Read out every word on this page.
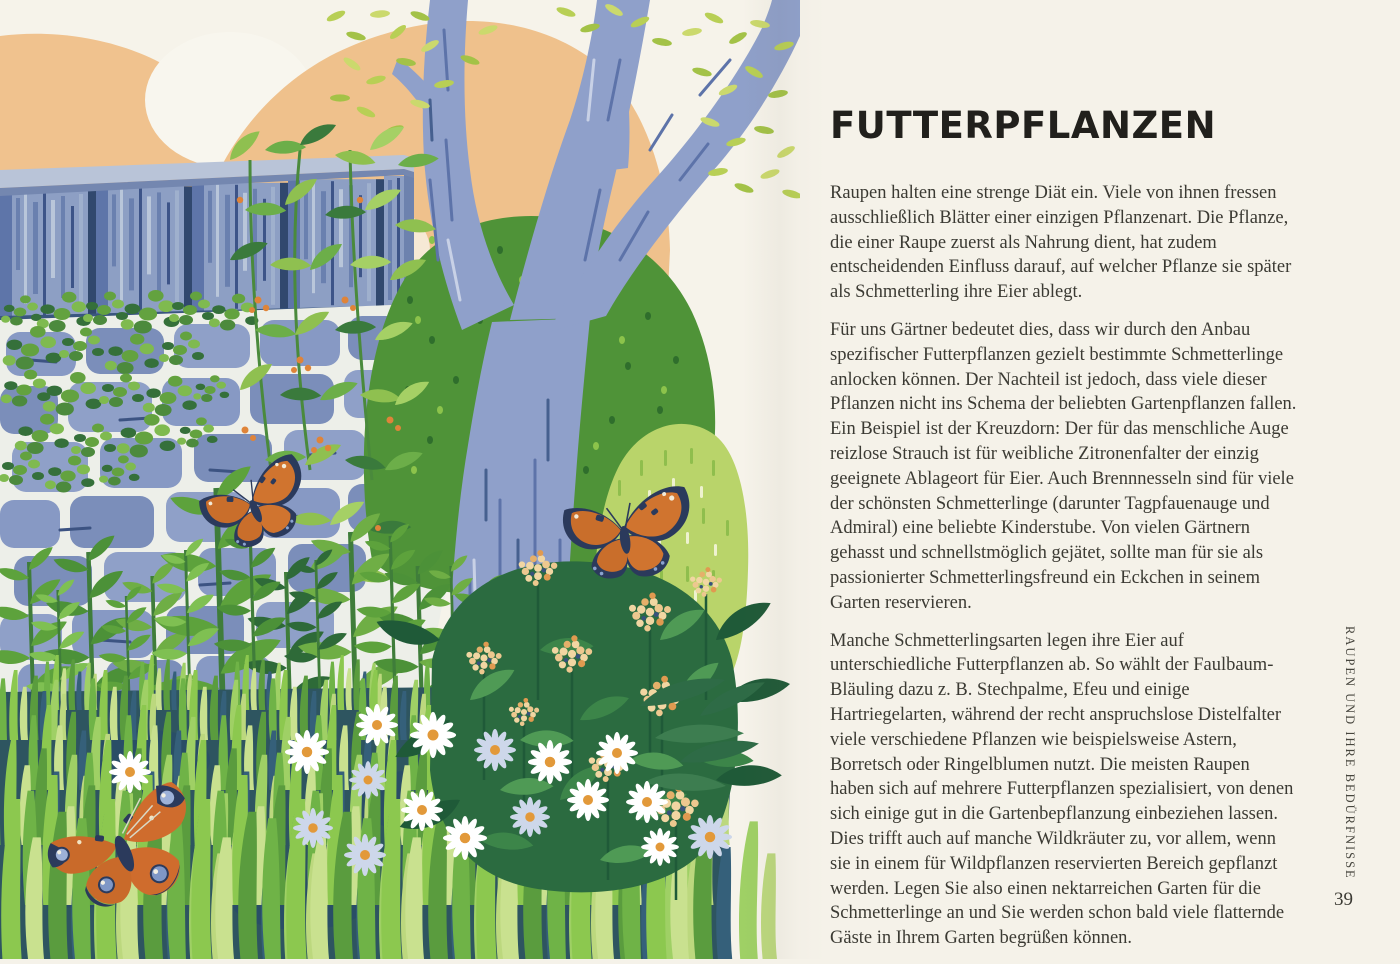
FUTTERPFLANZEN

Raupen halten eine strenge Diät ein. Viele von ihnen fressen ausschließlich Blätter einer einzigen Pflanzenart. Die Pflanze, die einer Raupe zuerst als Nahrung dient, hat zudem entscheidenden Einfluss darauf, auf welcher Pflanze sie später als Schmetterling ihre Eier ablegt.

Für uns Gärtner bedeutet dies, dass wir durch den Anbau spezifischer Futterpflanzen gezielt bestimmte Schmetterlinge anlocken können. Der Nachteil ist jedoch, dass viele dieser Pflanzen nicht ins Schema der beliebten Gartenpflanzen fallen. Ein Beispiel ist der Kreuzdorn: Der für das menschliche Auge reizlose Strauch ist für weibliche Zitronenfalter der einzig geeignete Ablageort für Eier. Auch Brennnesseln sind für viele der schönsten Schmetterlinge (darunter Tagpfauenauge und Admiral) eine beliebte Kinderstube. Von vielen Gärtnern gehasst und schnellstmöglich gejätet, sollte man für sie als passionierter Schmetterlingsfreund ein Eckchen in seinem Garten reservieren.

Manche Schmetterlingsarten legen ihre Eier auf unterschiedliche Futterpflanzen ab. So wählt der Faulbaum-Bläuling dazu z. B. Stechpalme, Efeu und einige Hartriegelarten, während der recht anspruchslose Distelfalter viele verschiedene Pflanzen wie beispielsweise Astern, Borretsch oder Ringelblumen nutzt. Die meisten Raupen haben sich auf mehrere Futterpflanzen spezialisiert, von denen sich einige gut in die Gartenbepflanzung einbeziehen lassen. Dies trifft auch auf manche Wildkräuter zu, vor allem, wenn sie in einem für Wildpflanzen reservierten Bereich gepflanzt werden. Legen Sie also einen nektarreichen Garten für die Schmetterlinge an und Sie werden schon bald viele flatternde Gäste in Ihrem Garten begrüßen können.

RAUPEN UND IHRE BEDÜRFNISSE
39
